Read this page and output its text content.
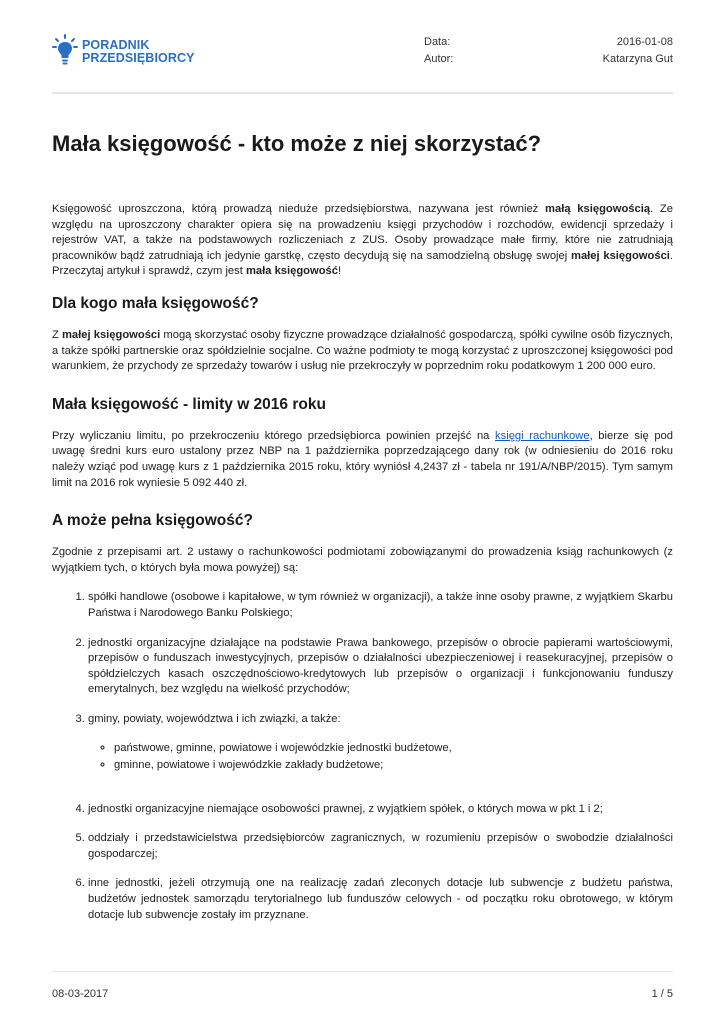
PORADNIK
PRZEDSIĘBIORCY
Data:	2016-01-08
Autor:	Katarzyna Gut
Mała księgowość - kto może z niej skorzystać?

Księgowość uproszczona, którą prowadzą nieduże przedsiębiorstwa, nazywana jest również małą księgowością. Ze względu na uproszczony charakter opiera się na prowadzeniu księgi przychodów i rozchodów, ewidencji sprzedaży i rejestrów VAT, a także na podstawowych rozliczeniach z ZUS. Osoby prowadzące małe firmy, które nie zatrudniają pracowników bądź zatrudniają ich jedynie garstkę, często decydują się na samodzielną obsługę swojej małej księgowości. Przeczytaj artykuł i sprawdź, czym jest mała księgowość!

Dla kogo mała księgowość?

Z małej księgowości mogą skorzystać osoby fizyczne prowadzące działalność gospodarczą, spółki cywilne osób fizycznych, a także spółki partnerskie oraz spółdzielnie socjalne. Co ważne podmioty te mogą korzystać z uproszczonej księgowości pod warunkiem, że przychody ze sprzedaży towarów i usług nie przekroczyły w poprzednim roku podatkowym 1 200 000 euro.

Mała księgowość - limity w 2016 roku

Przy wyliczaniu limitu, po przekroczeniu którego przedsiębiorca powinien przejść na księgi rachunkowe, bierze się pod uwagę średni kurs euro ustalony przez NBP na 1 października poprzedzającego dany rok (w odniesieniu do 2016 roku należy wziąć pod uwagę kurs z 1 października 2015 roku, który wyniósł 4,2437 zł - tabela nr 191/A/NBP/2015). Tym samym limit na 2016 rok wyniesie 5 092 440 zł.

A może pełna księgowość?

Zgodnie z przepisami art. 2 ustawy o rachunkowości podmiotami zobowiązanymi do prowadzenia ksiąg rachunkowych (z wyjątkiem tych, o których była mowa powyżej) są:

1. spółki handlowe (osobowe i kapitałowe, w tym również w organizacji), a także inne osoby prawne, z wyjątkiem Skarbu Państwa i Narodowego Banku Polskiego;
2. jednostki organizacyjne działające na podstawie Prawa bankowego, przepisów o obrocie papierami wartościowymi, przepisów o funduszach inwestycyjnych, przepisów o działalności ubezpieczeniowej i reasekuracyjnej, przepisów o spółdzielczych kasach oszczędnościowo-kredytowych lub przepisów o organizacji i funkcjonowaniu funduszy emerytalnych, bez względu na wielkość przychodów;
3. gminy, powiaty, województwa i ich związki, a także:
◦ państwowe, gminne, powiatowe i wojewódzkie jednostki budżetowe,
◦ gminne, powiatowe i wojewódzkie zakłady budżetowe;
4. jednostki organizacyjne niemające osobowości prawnej, z wyjątkiem spółek, o których mowa w pkt 1 i 2;
5. oddziały i przedstawicielstwa przedsiębiorców zagranicznych, w rozumieniu przepisów o swobodzie działalności gospodarczej;
6. inne jednostki, jeżeli otrzymują one na realizację zadań zleconych dotacje lub subwencje z budżetu państwa, budżetów jednostek samorządu terytorialnego lub funduszów celowych - od początku roku obrotowego, w którym dotacje lub subwencje zostały im przyznane.
08-03-2017	1 / 5
